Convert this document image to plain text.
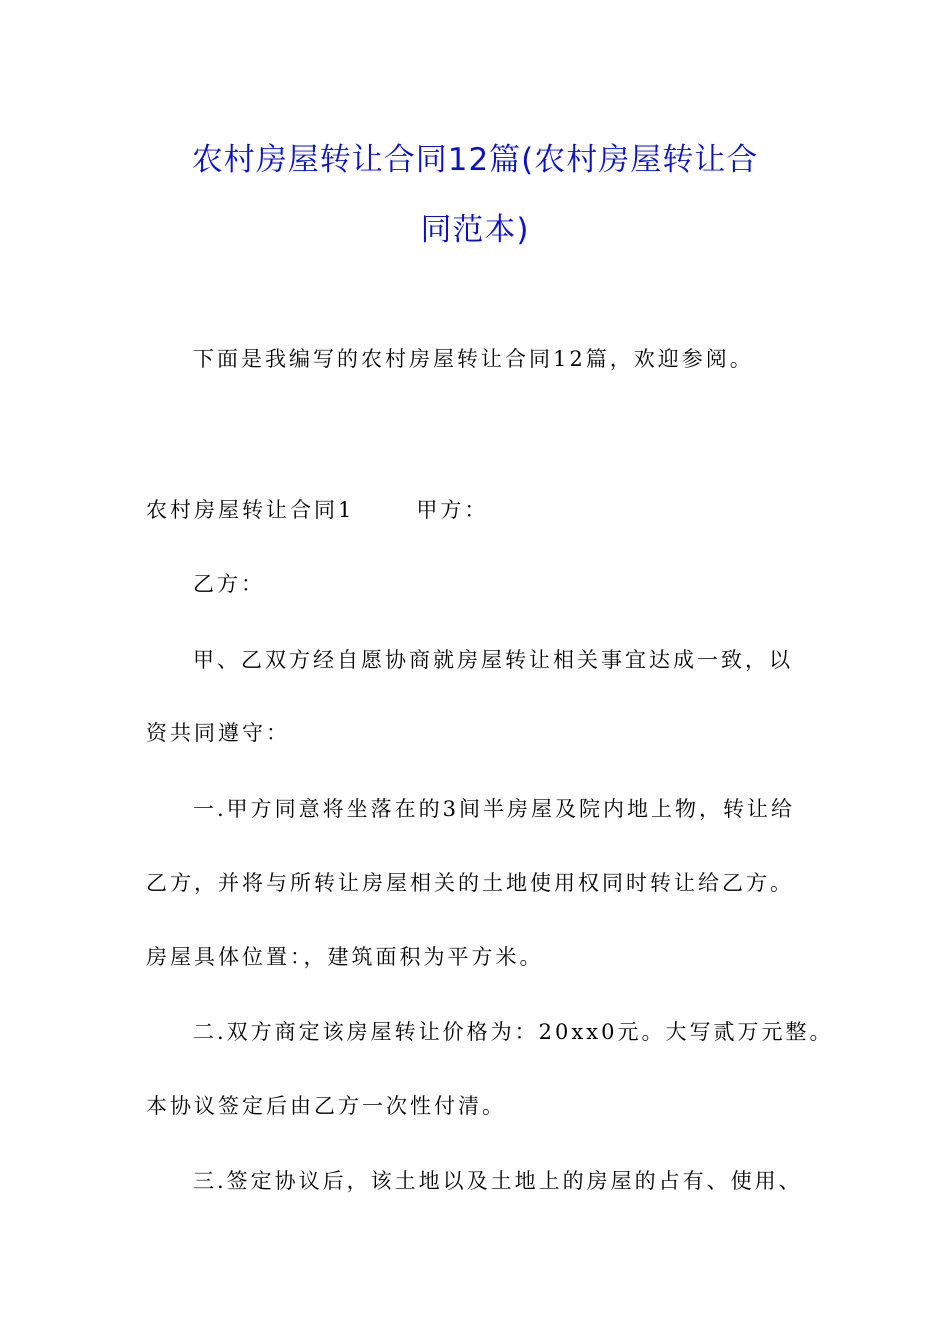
农村房屋转让合同12篇(农村房屋转让合
同范本)
下面是我编写的农村房屋转让合同12篇，欢迎参阅。
农村房屋转让合同1	甲方：
乙方：
甲、乙双方经自愿协商就房屋转让相关事宜达成一致，以
资共同遵守：
一.甲方同意将坐落在的3间半房屋及院内地上物，转让给
乙方，并将与所转让房屋相关的土地使用权同时转让给乙方。
房屋具体位置：，建筑面积为平方米。
二.双方商定该房屋转让价格为：20xx0元。大写贰万元整。
本协议签定后由乙方一次性付清。
三.签定协议后，该土地以及土地上的房屋的占有、使用、
